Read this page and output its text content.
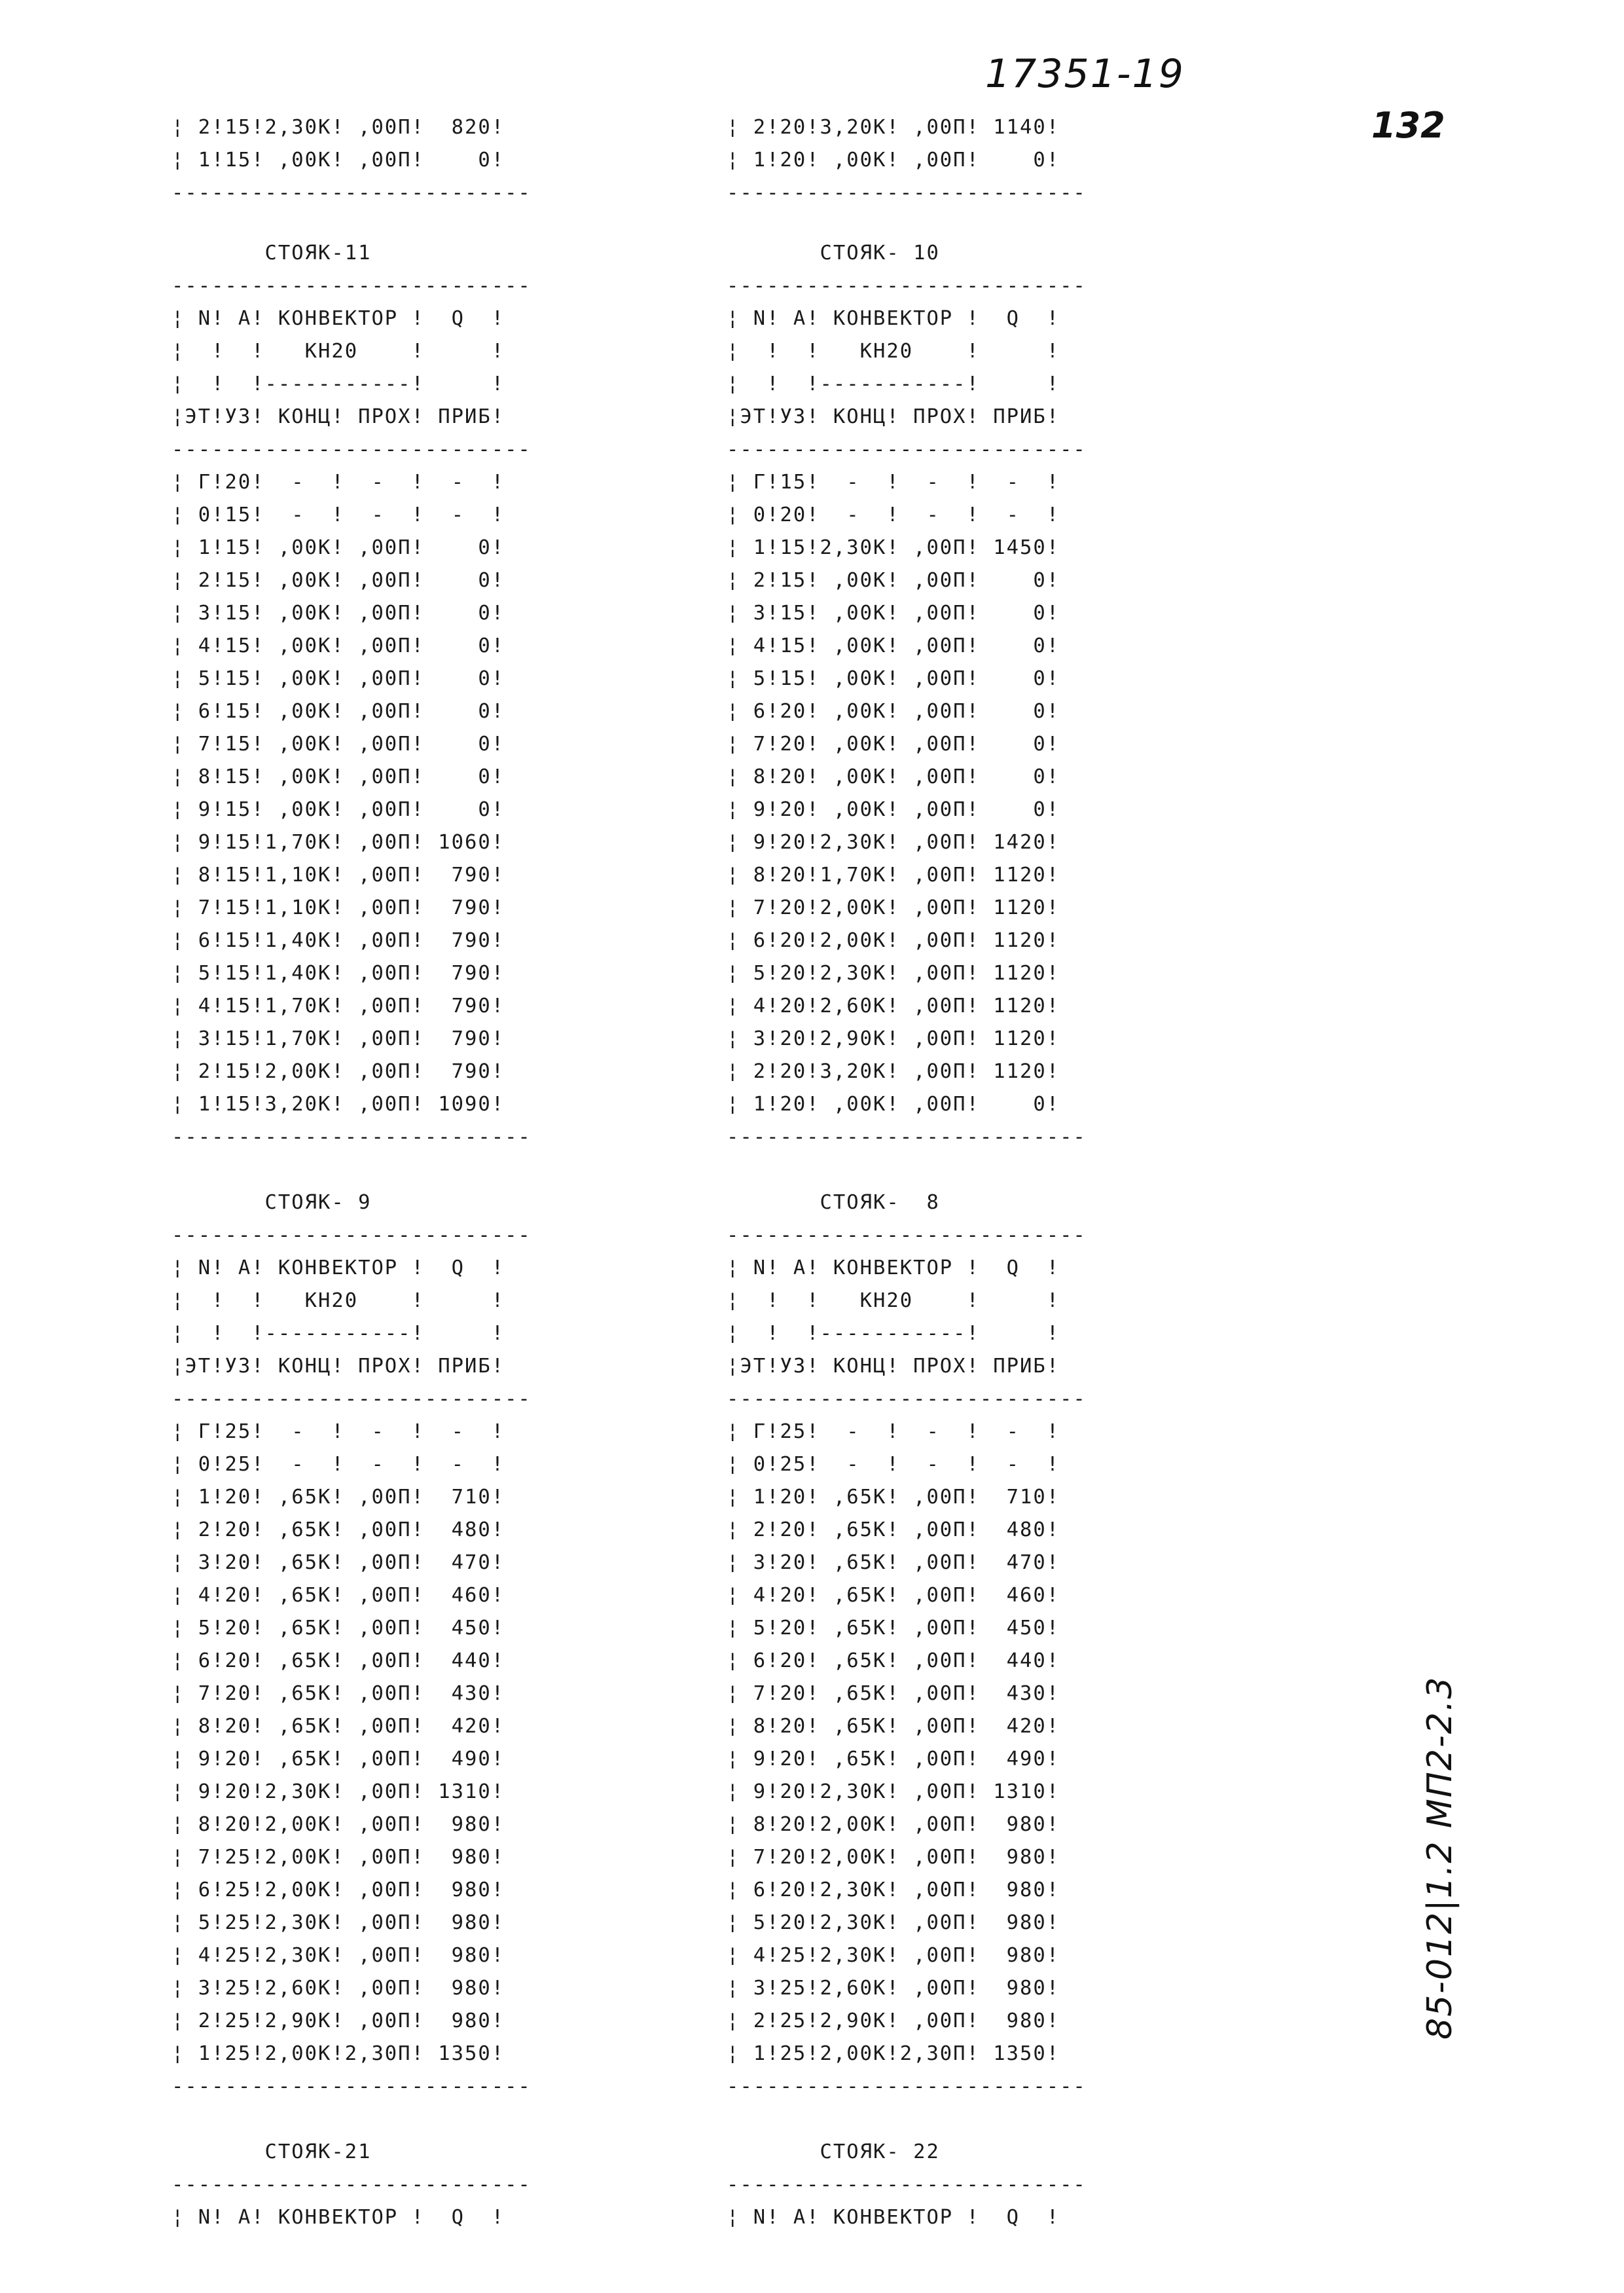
17351-19
132
85-012|1.2 МП2-2.3
¦ 2!15!2,30К! ,00П!  820!
¦ 1!15! ,00К! ,00П!    0!
---------------------------
¦ 2!20!3,20К! ,00П! 1140!
¦ 1!20! ,00К! ,00П!    0!
---------------------------
СТОЯК-11
---------------------------
¦ N! А! КОНВЕКТОР !  Q  !
¦  !  !   КН20    !     !
¦  !  !-----------!     !
¦ЭТ!УЗ! КОНЦ! ПРОХ! ПРИБ!
---------------------------
¦ Г!20!  -  !  -  !  -  !
¦ 0!15!  -  !  -  !  -  !
¦ 1!15! ,00К! ,00П!    0!
¦ 2!15! ,00К! ,00П!    0!
¦ 3!15! ,00К! ,00П!    0!
¦ 4!15! ,00К! ,00П!    0!
¦ 5!15! ,00К! ,00П!    0!
¦ 6!15! ,00К! ,00П!    0!
¦ 7!15! ,00К! ,00П!    0!
¦ 8!15! ,00К! ,00П!    0!
¦ 9!15! ,00К! ,00П!    0!
¦ 9!15!1,70К! ,00П! 1060!
¦ 8!15!1,10К! ,00П!  790!
¦ 7!15!1,10К! ,00П!  790!
¦ 6!15!1,40К! ,00П!  790!
¦ 5!15!1,40К! ,00П!  790!
¦ 4!15!1,70К! ,00П!  790!
¦ 3!15!1,70К! ,00П!  790!
¦ 2!15!2,00К! ,00П!  790!
¦ 1!15!3,20К! ,00П! 1090!
---------------------------
СТОЯК- 10
---------------------------
¦ N! А! КОНВЕКТОР !  Q  !
¦  !  !   КН20    !     !
¦  !  !-----------!     !
¦ЭТ!УЗ! КОНЦ! ПРОХ! ПРИБ!
---------------------------
¦ Г!15!  -  !  -  !  -  !
¦ 0!20!  -  !  -  !  -  !
¦ 1!15!2,30К! ,00П! 1450!
¦ 2!15! ,00К! ,00П!    0!
¦ 3!15! ,00К! ,00П!    0!
¦ 4!15! ,00К! ,00П!    0!
¦ 5!15! ,00К! ,00П!    0!
¦ 6!20! ,00К! ,00П!    0!
¦ 7!20! ,00К! ,00П!    0!
¦ 8!20! ,00К! ,00П!    0!
¦ 9!20! ,00К! ,00П!    0!
¦ 9!20!2,30К! ,00П! 1420!
¦ 8!20!1,70К! ,00П! 1120!
¦ 7!20!2,00К! ,00П! 1120!
¦ 6!20!2,00К! ,00П! 1120!
¦ 5!20!2,30К! ,00П! 1120!
¦ 4!20!2,60К! ,00П! 1120!
¦ 3!20!2,90К! ,00П! 1120!
¦ 2!20!3,20К! ,00П! 1120!
¦ 1!20! ,00К! ,00П!    0!
---------------------------
СТОЯК- 9
---------------------------
¦ N! А! КОНВЕКТОР !  Q  !
¦  !  !   КН20    !     !
¦  !  !-----------!     !
¦ЭТ!УЗ! КОНЦ! ПРОХ! ПРИБ!
---------------------------
¦ Г!25!  -  !  -  !  -  !
¦ 0!25!  -  !  -  !  -  !
¦ 1!20! ,65К! ,00П!  710!
¦ 2!20! ,65К! ,00П!  480!
¦ 3!20! ,65К! ,00П!  470!
¦ 4!20! ,65К! ,00П!  460!
¦ 5!20! ,65К! ,00П!  450!
¦ 6!20! ,65К! ,00П!  440!
¦ 7!20! ,65К! ,00П!  430!
¦ 8!20! ,65К! ,00П!  420!
¦ 9!20! ,65К! ,00П!  490!
¦ 9!20!2,30К! ,00П! 1310!
¦ 8!20!2,00К! ,00П!  980!
¦ 7!25!2,00К! ,00П!  980!
¦ 6!25!2,00К! ,00П!  980!
¦ 5!25!2,30К! ,00П!  980!
¦ 4!25!2,30К! ,00П!  980!
¦ 3!25!2,60К! ,00П!  980!
¦ 2!25!2,90К! ,00П!  980!
¦ 1!25!2,00К!2,30П! 1350!
---------------------------
СТОЯК-  8
---------------------------
¦ N! А! КОНВЕКТОР !  Q  !
¦  !  !   КН20    !     !
¦  !  !-----------!     !
¦ЭТ!УЗ! КОНЦ! ПРОХ! ПРИБ!
---------------------------
¦ Г!25!  -  !  -  !  -  !
¦ 0!25!  -  !  -  !  -  !
¦ 1!20! ,65К! ,00П!  710!
¦ 2!20! ,65К! ,00П!  480!
¦ 3!20! ,65К! ,00П!  470!
¦ 4!20! ,65К! ,00П!  460!
¦ 5!20! ,65К! ,00П!  450!
¦ 6!20! ,65К! ,00П!  440!
¦ 7!20! ,65К! ,00П!  430!
¦ 8!20! ,65К! ,00П!  420!
¦ 9!20! ,65К! ,00П!  490!
¦ 9!20!2,30К! ,00П! 1310!
¦ 8!20!2,00К! ,00П!  980!
¦ 7!20!2,00К! ,00П!  980!
¦ 6!20!2,30К! ,00П!  980!
¦ 5!20!2,30К! ,00П!  980!
¦ 4!25!2,30К! ,00П!  980!
¦ 3!25!2,60К! ,00П!  980!
¦ 2!25!2,90К! ,00П!  980!
¦ 1!25!2,00К!2,30П! 1350!
---------------------------
СТОЯК-21
---------------------------
¦ N! А! КОНВЕКТОР !  Q  !
СТОЯК- 22
---------------------------
¦ N! А! КОНВЕКТОР !  Q  !
